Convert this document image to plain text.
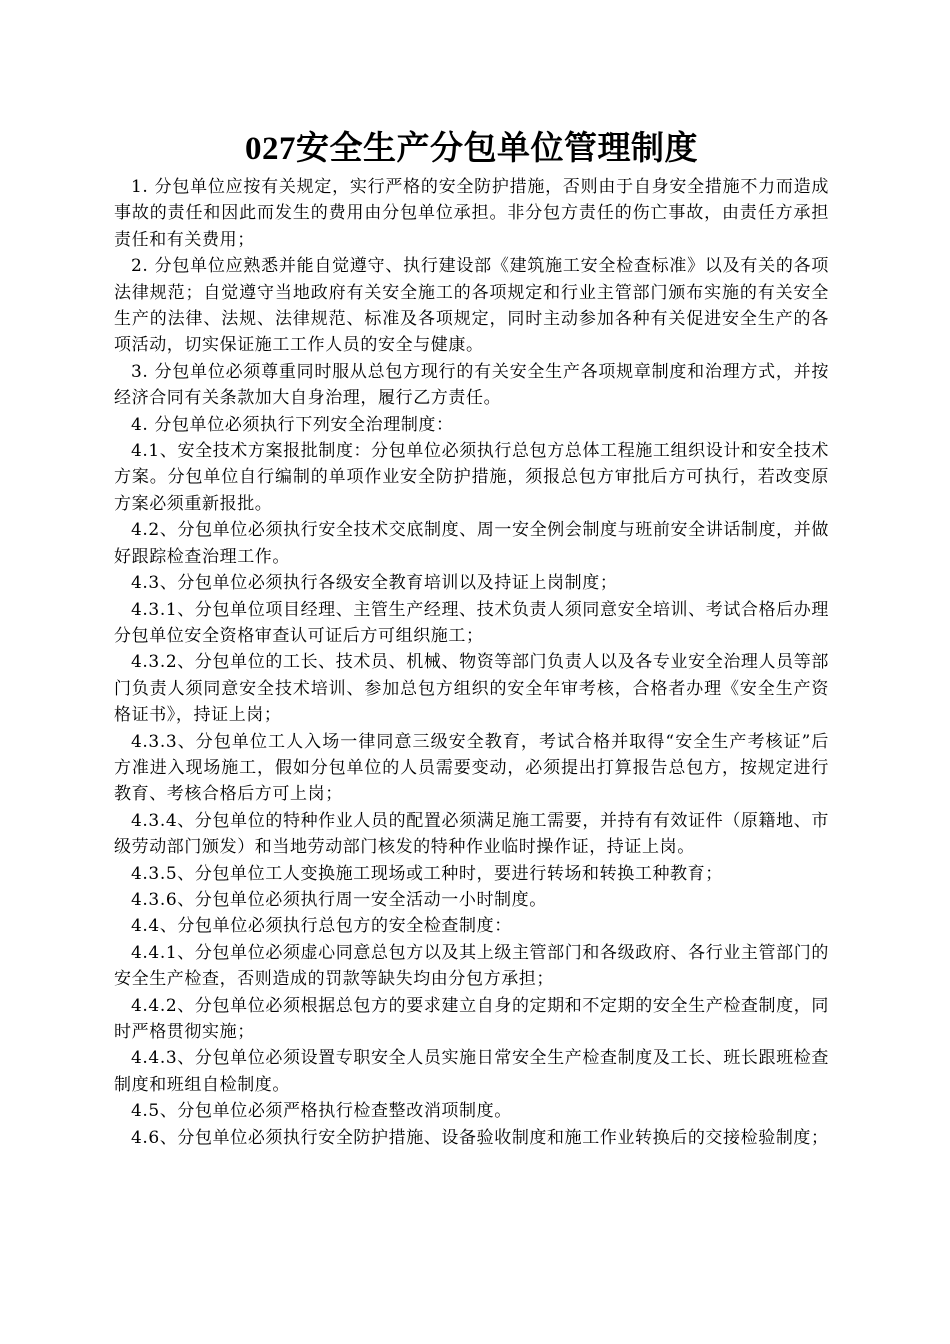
027安全生产分包单位管理制度

1. 分包单位应按有关规定，实行严格的安全防护措施，否则由于自身安全措施不力而造成事故的责任和因此而发生的费用由分包单位承担。非分包方责任的伤亡事故，由责任方承担责任和有关费用；

2. 分包单位应熟悉并能自觉遵守、执行建设部《建筑施工安全检查标准》以及有关的各项法律规范；自觉遵守当地政府有关安全施工的各项规定和行业主管部门颁布实施的有关安全生产的法律、法规、法律规范、标准及各项规定，同时主动参加各种有关促进安全生产的各项活动，切实保证施工工作人员的安全与健康。

3. 分包单位必须尊重同时服从总包方现行的有关安全生产各项规章制度和治理方式，并按经济合同有关条款加大自身治理，履行乙方责任。

4. 分包单位必须执行下列安全治理制度：

4.1、安全技术方案报批制度：分包单位必须执行总包方总体工程施工组织设计和安全技术方案。分包单位自行编制的单项作业安全防护措施，须报总包方审批后方可执行，若改变原方案必须重新报批。

4.2、分包单位必须执行安全技术交底制度、周一安全例会制度与班前安全讲话制度，并做好跟踪检查治理工作。

4.3、分包单位必须执行各级安全教育培训以及持证上岗制度；

4.3.1、分包单位项目经理、主管生产经理、技术负责人须同意安全培训、考试合格后办理分包单位安全资格审查认可证后方可组织施工；

4.3.2、分包单位的工长、技术员、机械、物资等部门负责人以及各专业安全治理人员等部门负责人须同意安全技术培训、参加总包方组织的安全年审考核，合格者办理《安全生产资格证书》，持证上岗；

4.3.3、分包单位工人入场一律同意三级安全教育，考试合格并取得“安全生产考核证”后方准进入现场施工，假如分包单位的人员需要变动，必须提出打算报告总包方，按规定进行教育、考核合格后方可上岗；

4.3.4、分包单位的特种作业人员的配置必须满足施工需要，并持有有效证件（原籍地、市级劳动部门颁发）和当地劳动部门核发的特种作业临时操作证，持证上岗。

4.3.5、分包单位工人变换施工现场或工种时，要进行转场和转换工种教育；

4.3.6、分包单位必须执行周一安全活动一小时制度。

4.4、分包单位必须执行总包方的安全检查制度：

4.4.1、分包单位必须虚心同意总包方以及其上级主管部门和各级政府、各行业主管部门的安全生产检查，否则造成的罚款等缺失均由分包方承担；

4.4.2、分包单位必须根据总包方的要求建立自身的定期和不定期的安全生产检查制度，同时严格贯彻实施；

4.4.3、分包单位必须设置专职安全人员实施日常安全生产检查制度及工长、班长跟班检查制度和班组自检制度。

4.5、分包单位必须严格执行检查整改消项制度。

4.6、分包单位必须执行安全防护措施、设备验收制度和施工作业转换后的交接检验制度；
